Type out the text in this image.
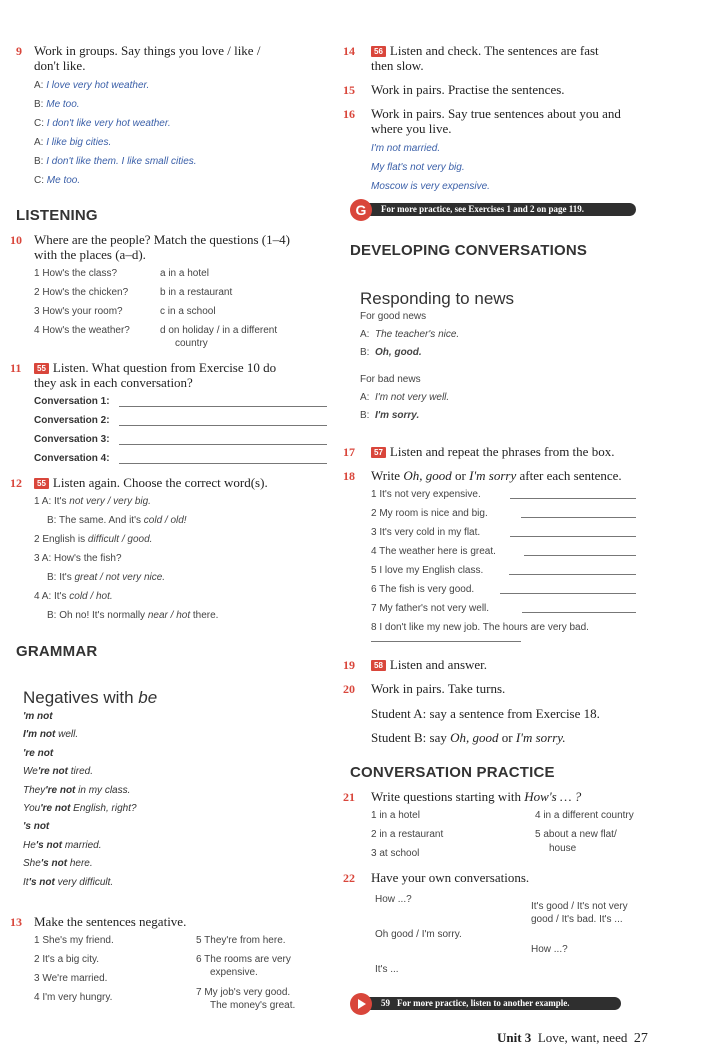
9 Work in groups. Say things you love / like /
don't like.
A: I love very hot weather.
B: Me too.
C: I don't like very hot weather.
A: I like big cities.
B: I don't like them. I like small cities.
C: Me too.
LISTENING
10 Where are the people? Match the questions (1–4)
with the places (a–d).
1 How's the class?
2 How's the chicken?
3 How's your room?
4 How's the weather?
a in a hotel
b in a restaurant
c in a school
d on holiday / in a different
country
11	55 Listen. What question from Exercise 10 do
they ask in each conversation?
Conversation 1:
Conversation 2:
Conversation 3:
Conversation 4:
12	55 Listen again. Choose the correct word(s).
1 A: It's not very / very big.
B: The same. And it's cold / old!
2 English is difficult / good.
3 A: How's the fish?
B: It's great / not very nice.
4 A: It's cold / hot.
B: Oh no! It's normally near / hot there.
GRAMMAR
Negatives with be
'm not
I'm not well.
're not
We're not tired.
They're not in my class.
You're not English, right?
's not
He's not married.
She's not here.
It's not very difficult.
13 Make the sentences negative.
1 She's my friend.
2 It's a big city.
3 We're married.
4 I'm very hungry.
5 They're from here.
6 The rooms are very
7 My job's very good.
expensive.
The money's great.
14	56 Listen and check. The sentences are fast
then slow.
15 Work in pairs. Practise the sentences.
16 Work in pairs. Say true sentences about you and
where you live.
I'm not married.
My flat's not very big.
Moscow is very expensive.
For more practice, see Exercises 1 and 2 on page 119.
G
DEVELOPING CONVERSATIONS
Responding to news
For good news
A: The teacher's nice.
B: Oh, good.
For bad news
A: I'm not very well.
B: I'm sorry.
17	57 Listen and repeat the phrases from the box.
18 Write Oh, good or I'm sorry after each sentence.
1 It's not very expensive.
2 My room is nice and big.
3 It's very cold in my flat.
4 The weather here is great.
5 I love my English class.
6 The fish is very good.
7 My father's not very well.
8 I don't like my new job. The hours are very bad.
19	58 Listen and answer.
20 Work in pairs. Take turns.
Student A: say a sentence from Exercise 18.
Student B: say Oh, good or I'm sorry.
CONVERSATION PRACTICE
21 Write questions starting with How's … ?
1 in a hotel
2 in a restaurant
3 at school
4 in a different country
5 about a new flat/
house
22 Have your own conversations.
How ...?
It's good / It's not very
good / It's bad. It's ...
Oh good / I'm sorry.
How ...?
It's ...
59 For more practice, listen to another example.
Unit 3 Love, want, need 27
